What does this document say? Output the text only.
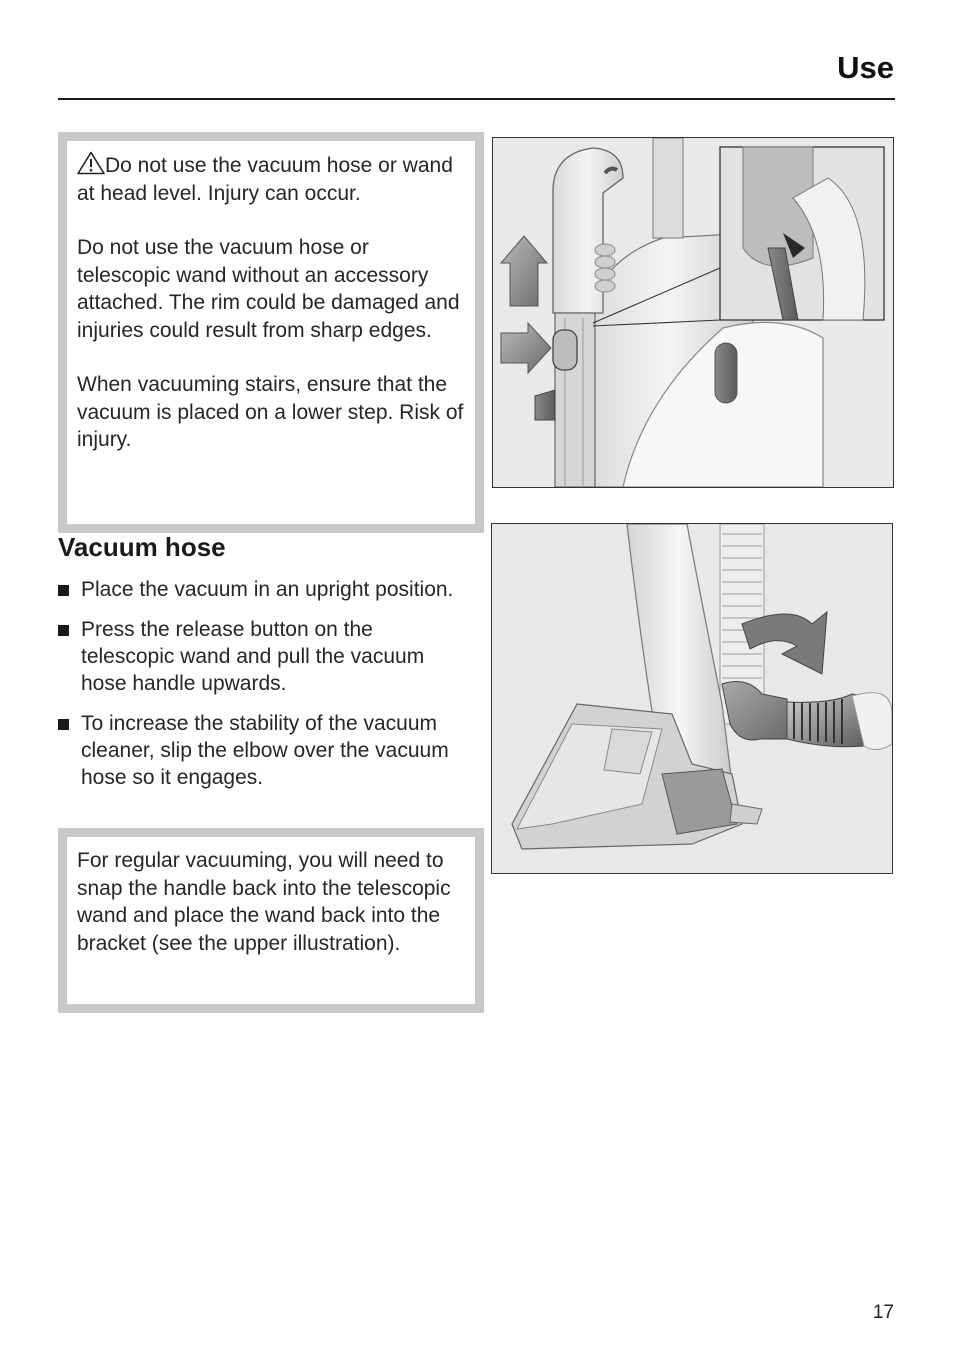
Use

Do not use the vacuum hose or wand at head level. Injury can occur.

Do not use the vacuum hose or telescopic wand without an accessory attached. The rim could be damaged and injuries could result from sharp edges.

When vacuuming stairs, ensure that the vacuum is placed on a lower step. Risk of injury.

Vacuum hose
Place the vacuum in an upright position.
Press the release button on the telescopic wand and pull the vacuum hose handle upwards.
To increase the stability of the vacuum cleaner, slip the elbow over the vacuum hose so it engages.

For regular vacuuming, you will need to snap the handle back into the telescopic wand and place the wand back into the bracket (see the upper illustration).

17
